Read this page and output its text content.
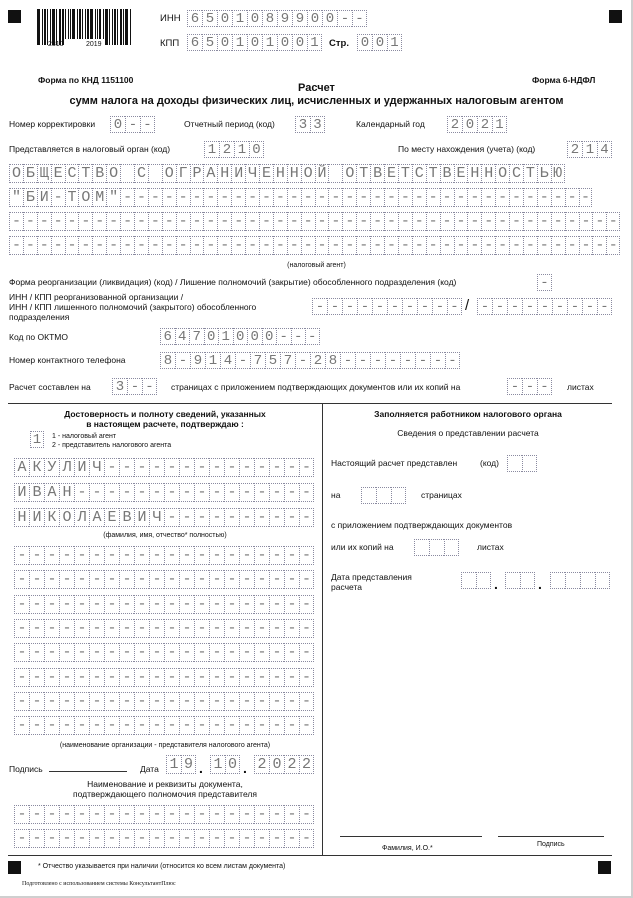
2310	2019
ИНН 6 5 0 1 0 8 9 9 0 0 - -
КПП 6 5 0 1 0 1 0 0 1	Стр. 0 0 1
Форма по КНД 1151100	Форма 6-НДФЛ
Расчет
сумм налога на доходы физических лиц, исчисленных и удержанных налоговым агентом
Номер корректировки 0 - -	Отчетный период (код) 3 3	Календарный год 2 0 2 1
Представляется в налоговый орган (код)	1 2 1 0	По месту нахождения (учета) (код)	2 1 4
О Б Щ Е С Т В О С О Г Р А Н И Ч Е Н Н О Й О Т В Е Т С Т В Е Н Н О С Т Ь Ю
" Б И - Т О М " - - - - - - - - - - - - - - - - - - - - - - - - - - - - - - - - - -
- - - - - - - - - - - - - - - - - - - - - - - - - - - - - - - - - - - - - - - - - - - -
- - - - - - - - - - - - - - - - - - - - - - - - - - - - - - - - - - - - - - - - - - - -
(налоговый агент)
Форма реорганизации (ликвидация) (код) / Лишение полномочий (закрытие) обособленного подразделения (код)	-
ИНН / КПП реорганизованной организации /
ИНН / КПП лишенного полномочий (закрытого) обособленного
подразделения
- - - - - - - - - - / - - - - - - - - -
Код по ОКТМО	6 4 7 0 1 0 0 0 - - -
Номер контактного телефона	8 - 9 1 4 - 7 5 7 - 2 8 - - - - - - - -
Расчет составлен на 3 - -	страницах с приложением подтверждающих документов или их копий на	- - -	листах
Достоверность и полноту сведений, указанных
в настоящем расчете, подтверждаю :
1	1 - налоговый агент
2 - представитель налогового агента
А К У Л И Ч - - - - - - - - - - - - - -
И В А Н - - - - - - - - - - - - - - - -
Н И К О Л А Е В И Ч - - - - - - - - - -
(фамилия, имя, отчество* полностью)
- - - - - - - - - - - - - - - - - - - -
- - - - - - - - - - - - - - - - - - - -
- - - - - - - - - - - - - - - - - - - -
- - - - - - - - - - - - - - - - - - - -
- - - - - - - - - - - - - - - - - - - -
- - - - - - - - - - - - - - - - - - - -
- - - - - - - - - - - - - - - - - - - -
- - - - - - - - - - - - - - - - - - - -
(наименование организации - представителя налогового агента)
Подпись	Дата 1 9 . 1 0 . 2 0 2 2
Наименование и реквизиты документа,
подтверждающего полномочия представителя
- - - - - - - - - - - - - - - - - - - -
- - - - - - - - - - - - - - - - - - - -
Заполняется работником налогового органа
Сведения о представлении расчета
Настоящий расчет представлен	(код)
на	страницах
с приложением подтверждающих документов
или их копий на	листах
Дата представления
расчета	.	.
Фамилия, И.О.*
Подпись
* Отчество указывается при наличии (относится ко всем листам документа)
Подготовлено с использованием системы КонсультантПлюс
